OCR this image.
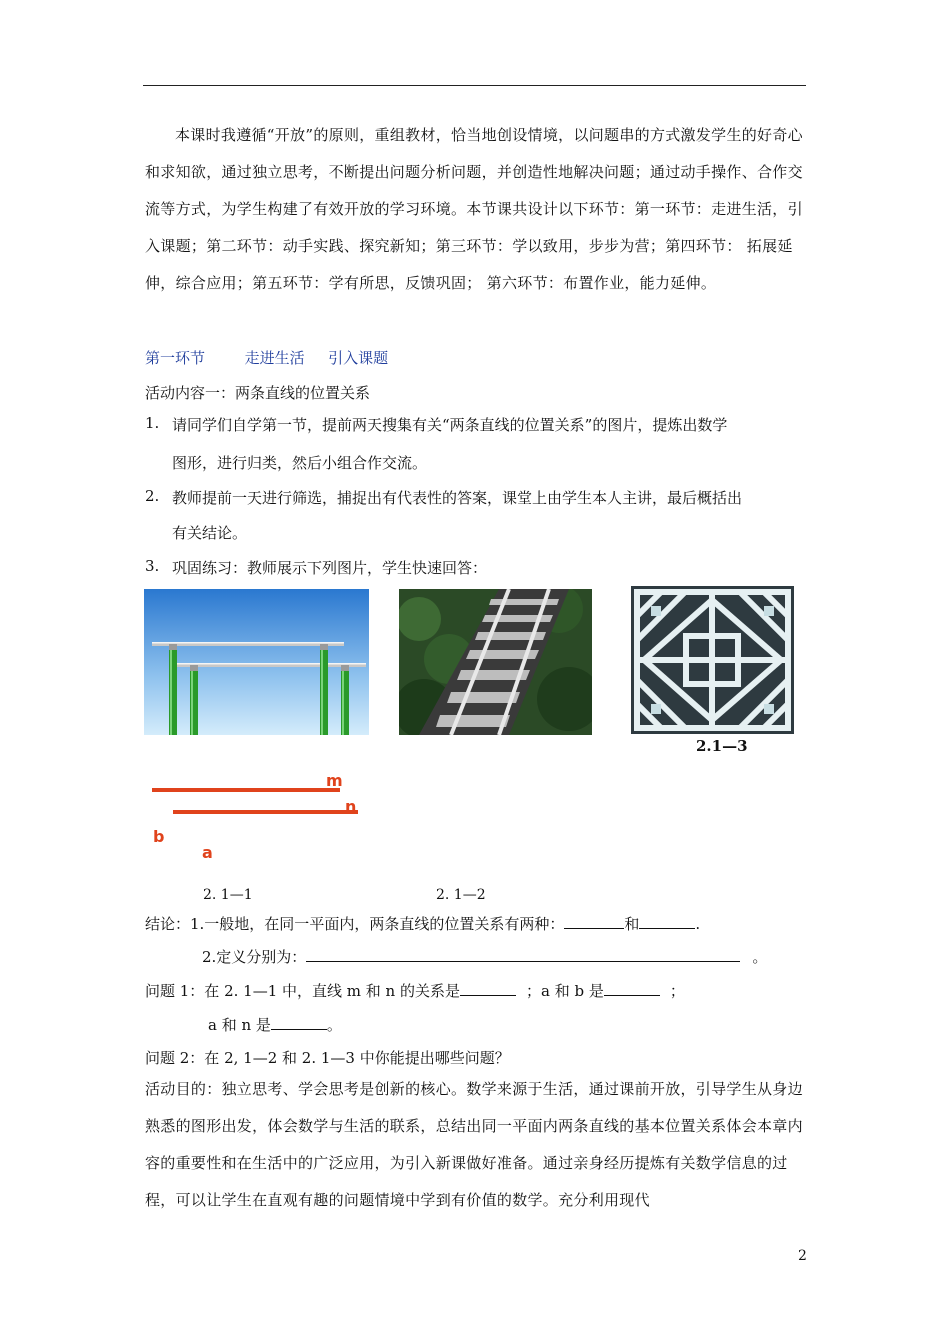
本课时我遵循“开放”的原则，重组教材，恰当地创设情境，以问题串的方式激发学生的好奇心和求知欲，通过独立思考，不断提出问题分析问题，并创造性地解决问题；通过动手操作、合作交流等方式，为学生构建了有效开放的学习环境。本节课共设计以下环节：第一环节：走进生活，引入课题；第二环节：动手实践、探究新知；第三环节：学以致用，步步为营；第四环节： 拓展延伸，综合应用；第五环节：学有所思，反馈巩固； 第六环节：布置作业，能力延伸。
第一环节	走进生活 引入课题
活动内容一：两条直线的位置关系
1. 请同学们自学第一节，提前两天搜集有关“两条直线的位置关系”的图片，提炼出数学
图形，进行归类，然后小组合作交流。
2. 教师提前一天进行筛选，捕捉出有代表性的答案，课堂上由学生本人主讲，最后概括出
有关结论。
3. 巩固练习：教师展示下列图片，学生快速回答：
2.1—3
m
n
b
a
2. 1—1	2. 1—2
结论：1.一般地，在同一平面内，两条直线的位置关系有两种：	和	.
2.定义分别为：	。
问题 1：在 2. 1—1 中，直线 m 和 n 的关系是	；a 和 b 是	；
a 和 n 是	。
问题 2：在 2, 1—2 和 2. 1—3 中你能提出哪些问题？
活动目的：独立思考、学会思考是创新的核心。数学来源于生活，通过课前开放，引导学生从身边熟悉的图形出发，体会数学与生活的联系，总结出同一平面内两条直线的基本位置关系体会本章内容的重要性和在生活中的广泛应用，为引入新课做好准备。通过亲身经历提炼有关数学信息的过程，可以让学生在直观有趣的问题情境中学到有价值的数学。充分利用现代
2
